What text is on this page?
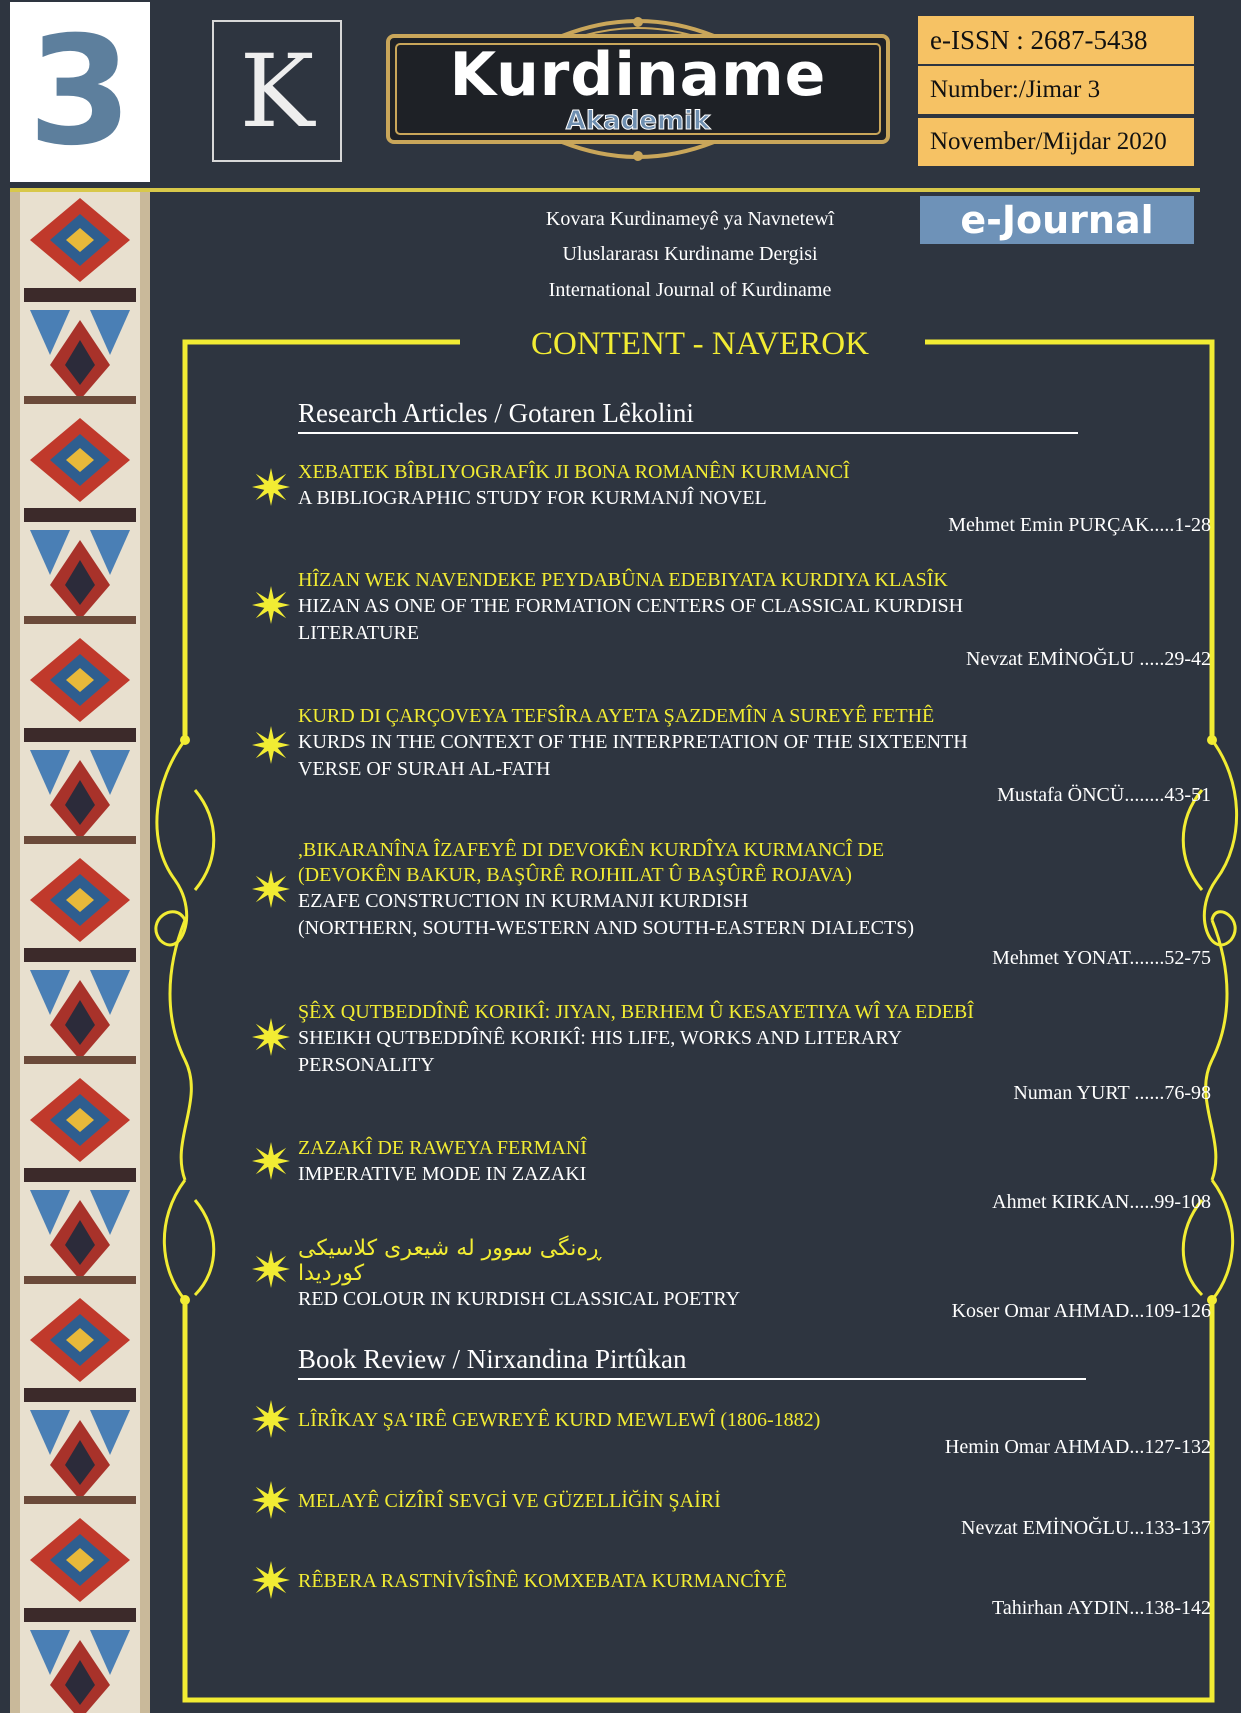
3 K	Kurdiname
Akademik
e-ISSN : 2687-5438
Number:/Jimar 3
November/Mijdar 2020
e-Journal
Kovara Kurdinameyê ya Navnetewî
Uluslararası Kurdiname Dergisi
International Journal of Kurdiname
CONTENT - NAVEROK
Research Articles / Gotaren Lêkolini
XEBATEK BÎBLIYOGRAFÎK JI BONA ROMANÊN KURMANCÎ
A BIBLIOGRAPHIC STUDY FOR KURMANJÎ NOVEL
Mehmet Emin PURÇAK.....1-28
HÎZAN WEK NAVENDEKE PEYDABÛNA EDEBIYATA KURDIYA KLASÎK
HIZAN AS ONE OF THE FORMATION CENTERS OF CLASSICAL KURDISH
LITERATURE
Nevzat EMİNOĞLU .....29-42
KURD DI ÇARÇOVEYA TEFSÎRA AYETA ŞAZDEMÎN A SUREYÊ FETHÊ
KURDS IN THE CONTEXT OF THE INTERPRETATION OF THE SIXTEENTH
VERSE OF SURAH AL-FATH
Mustafa ÖNCÜ........43-51
,BIKARANÎNA ÎZAFEYÊ DI DEVOKÊN KURDÎYA KURMANCÎ DE
(DEVOKÊN BAKUR, BAŞÛRÊ ROJHILAT Û BAŞÛRÊ ROJAVA)
EZAFE CONSTRUCTION IN KURMANJI KURDISH
(NORTHERN, SOUTH-WESTERN AND SOUTH-EASTERN DIALECTS)
Mehmet YONAT.......52-75
ŞÊX QUTBEDDÎNÊ KORIKÎ: JIYAN, BERHEM Û KESAYETIYA WÎ YA EDEBÎ
SHEIKH QUTBEDDÎNÊ KORIKÎ: HIS LIFE, WORKS AND LITERARY
PERSONALITY
Numan YURT ......76-98
ZAZAKÎ DE RAWEYA FERMANÎ
IMPERATIVE MODE IN ZAZAKI
Ahmet KIRKAN.....99-108
ڕەنگی سوور لە شیعری کلاسیکی کوردیدا
RED COLOUR IN KURDISH CLASSICAL POETRY
Koser Omar AHMAD...109-126
Book Review / Nirxandina Pirtûkan
LÎRÎKAY ŞA‘IRÊ GEWREYÊ KURD MEWLEWÎ (1806-1882)
Hemin Omar AHMAD...127-132
MELAYÊ CİZÎRÎ SEVGİ VE GÜZELLİĞİN ŞAİRİ
Nevzat EMİNOĞLU...133-137
RÊBERA RASTNİVÎSÎNÊ KOMXEBATA KURMANCÎYÊ
Tahirhan AYDIN...138-142
